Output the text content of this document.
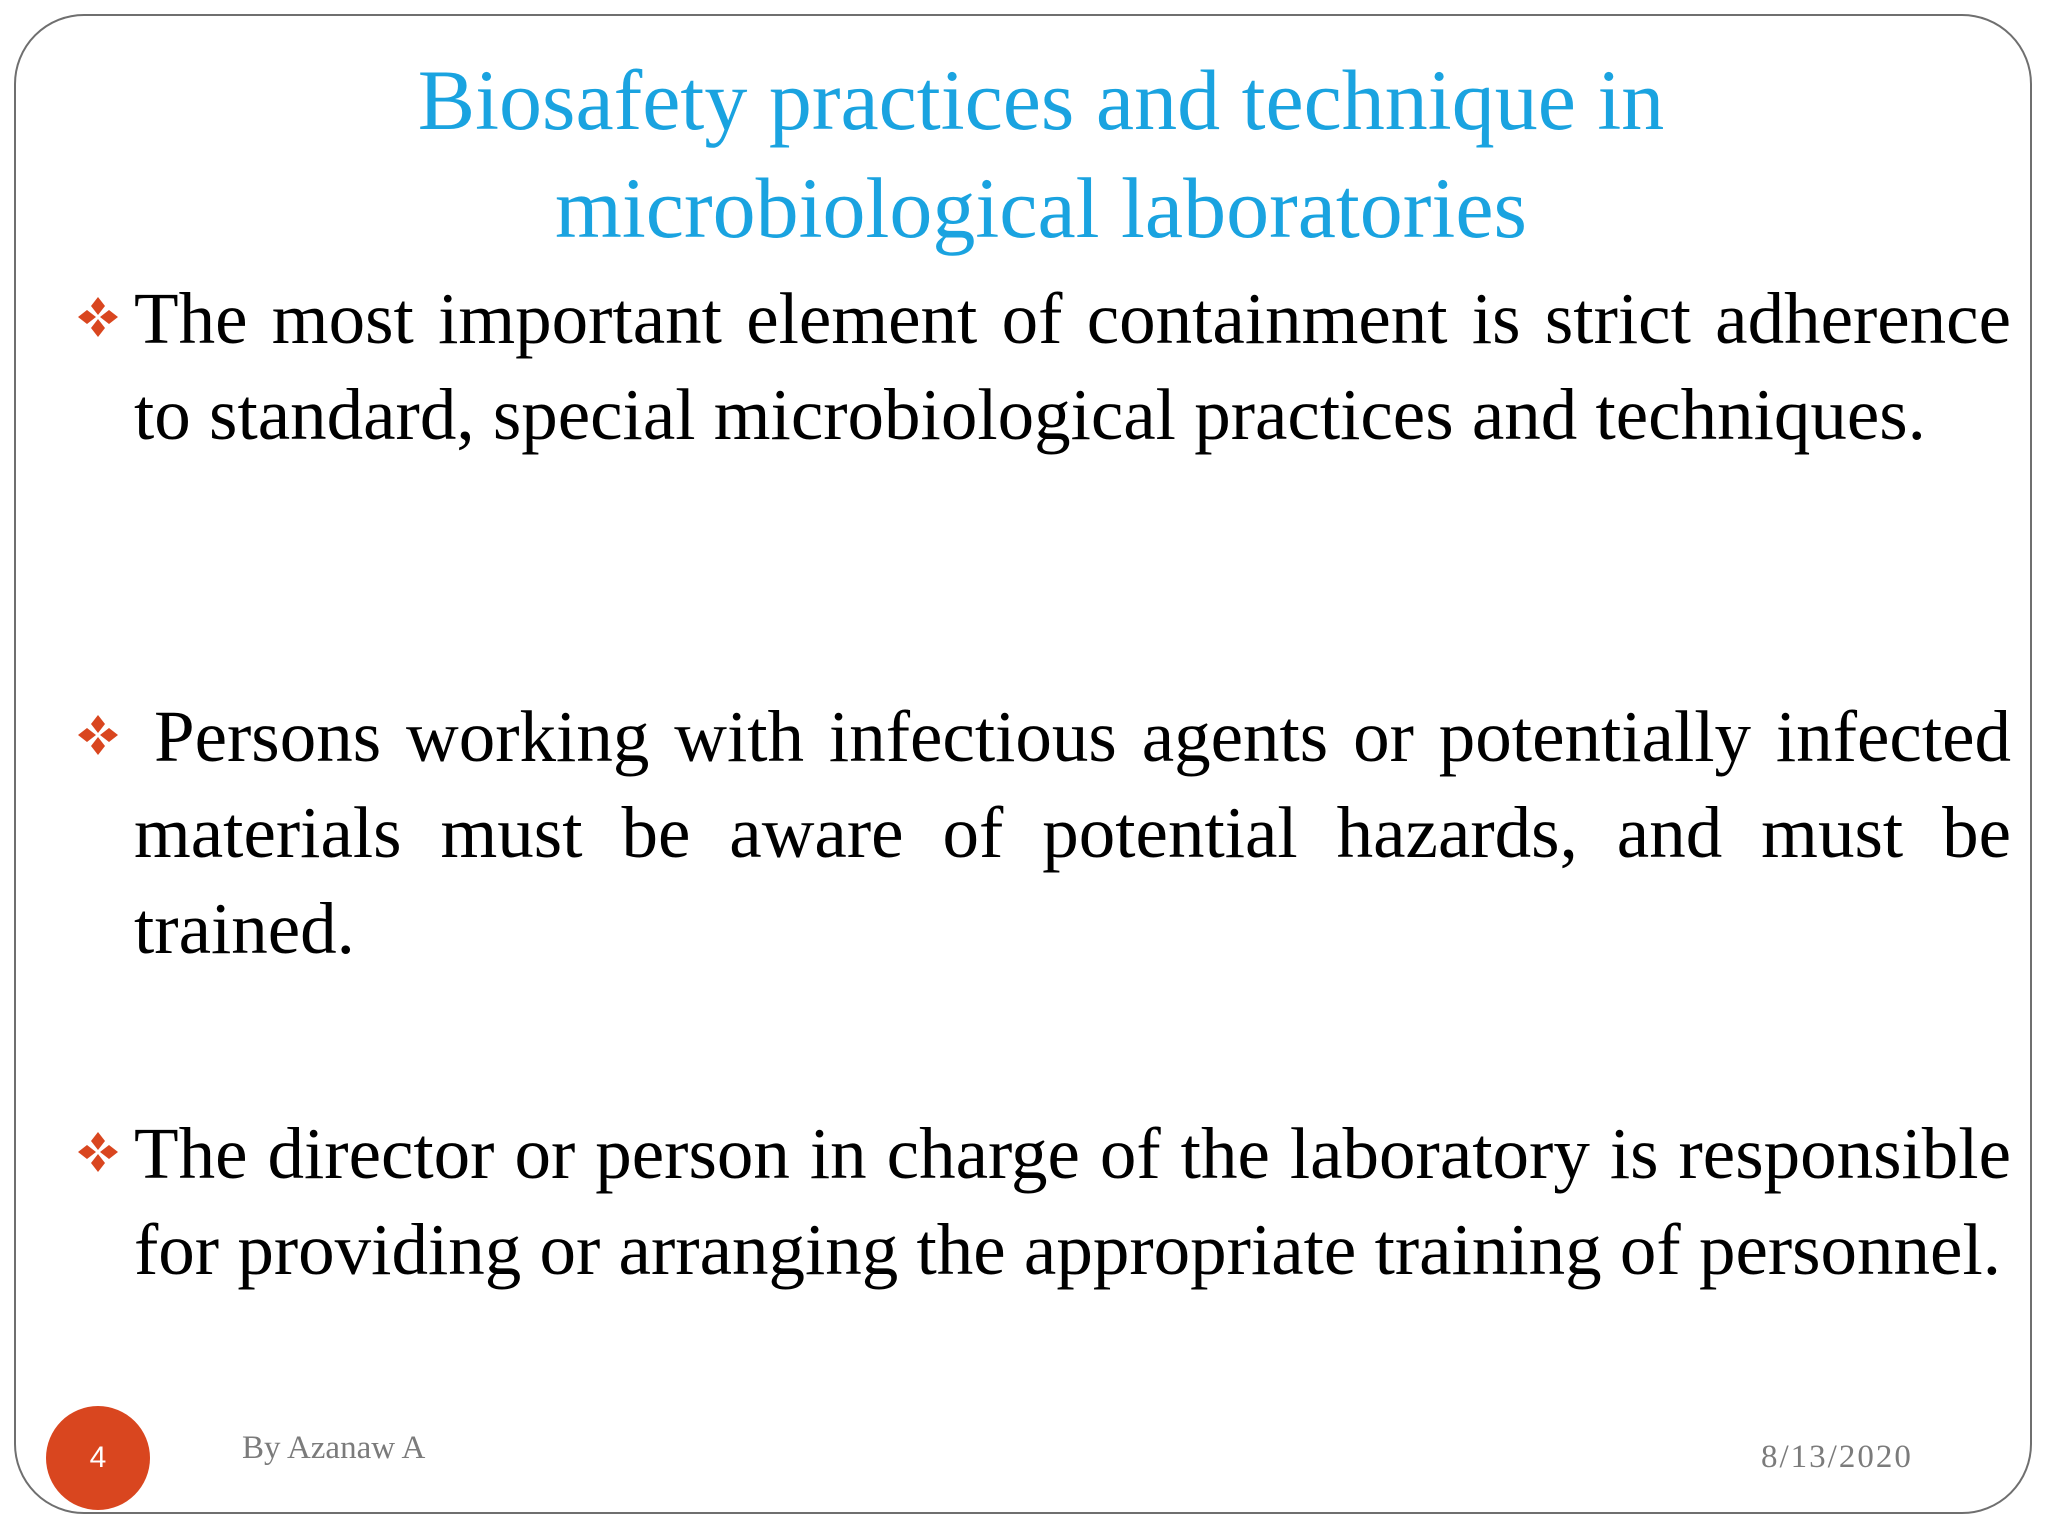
Biosafety practices and technique in
microbiological laboratories
The most important element of containment is strict adherence to standard, special microbiological practices and techniques.
Persons working with infectious agents or potentially infected materials must be aware of potential hazards, and must be trained.
The director or person in charge of the laboratory is responsible for providing or arranging the appropriate training of personnel.
4	By Azanaw A	8/13/2020
